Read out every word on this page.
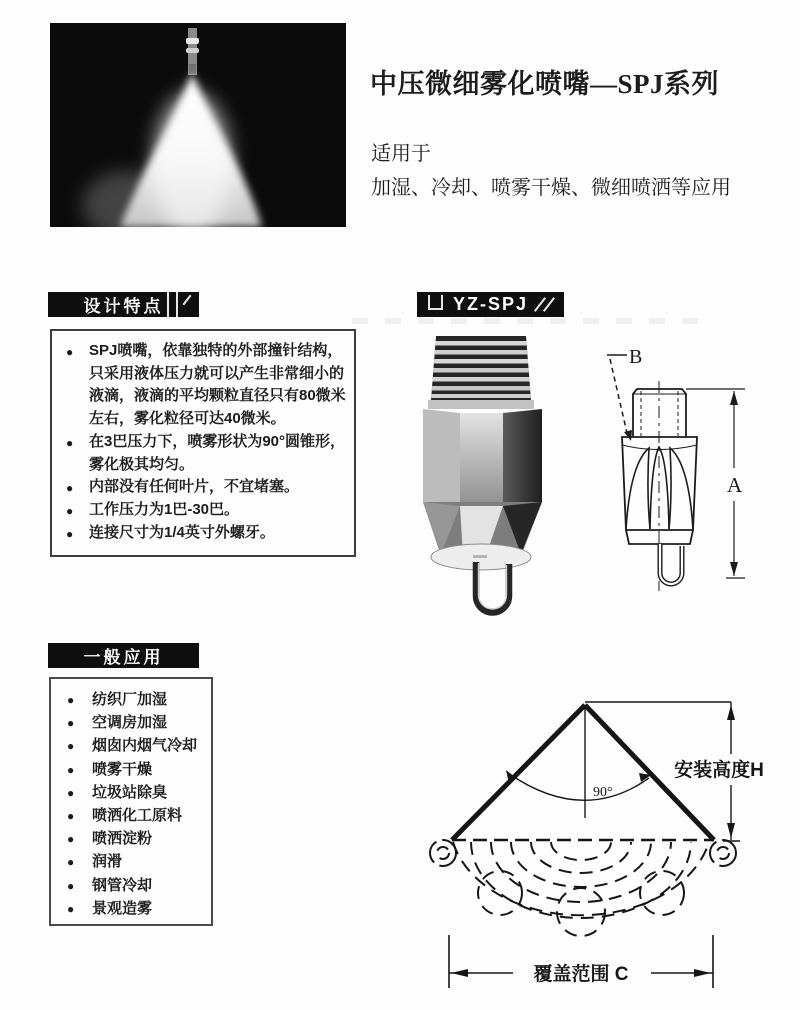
中压微细雾化喷嘴—SPJ系列
适用于
加湿、冷却、喷雾干燥、微细喷洒等应用
设计特点	YZ-SPJ
● SPJ喷嘴，依靠独特的外部撞针结构，只采用液体压力就可以产生非常细小的液滴，液滴的平均颗粒直径只有80微米左右，雾化粒径可达40微米。
● 在3巴压力下，喷雾形状为90°圆锥形，雾化极其均匀。
● 内部没有任何叶片，不宜堵塞。
● 工作压力为1巴-30巴。
● 连接尺寸为1/4英寸外螺牙。
B
A
一般应用
● 纺织厂加湿
● 空调房加湿
● 烟囱内烟气冷却
● 喷雾干燥
● 垃圾站除臭
● 喷洒化工原料
● 喷洒淀粉
● 润滑
● 钢管冷却
● 景观造雾
90°
安装高度H
覆盖范围 C
